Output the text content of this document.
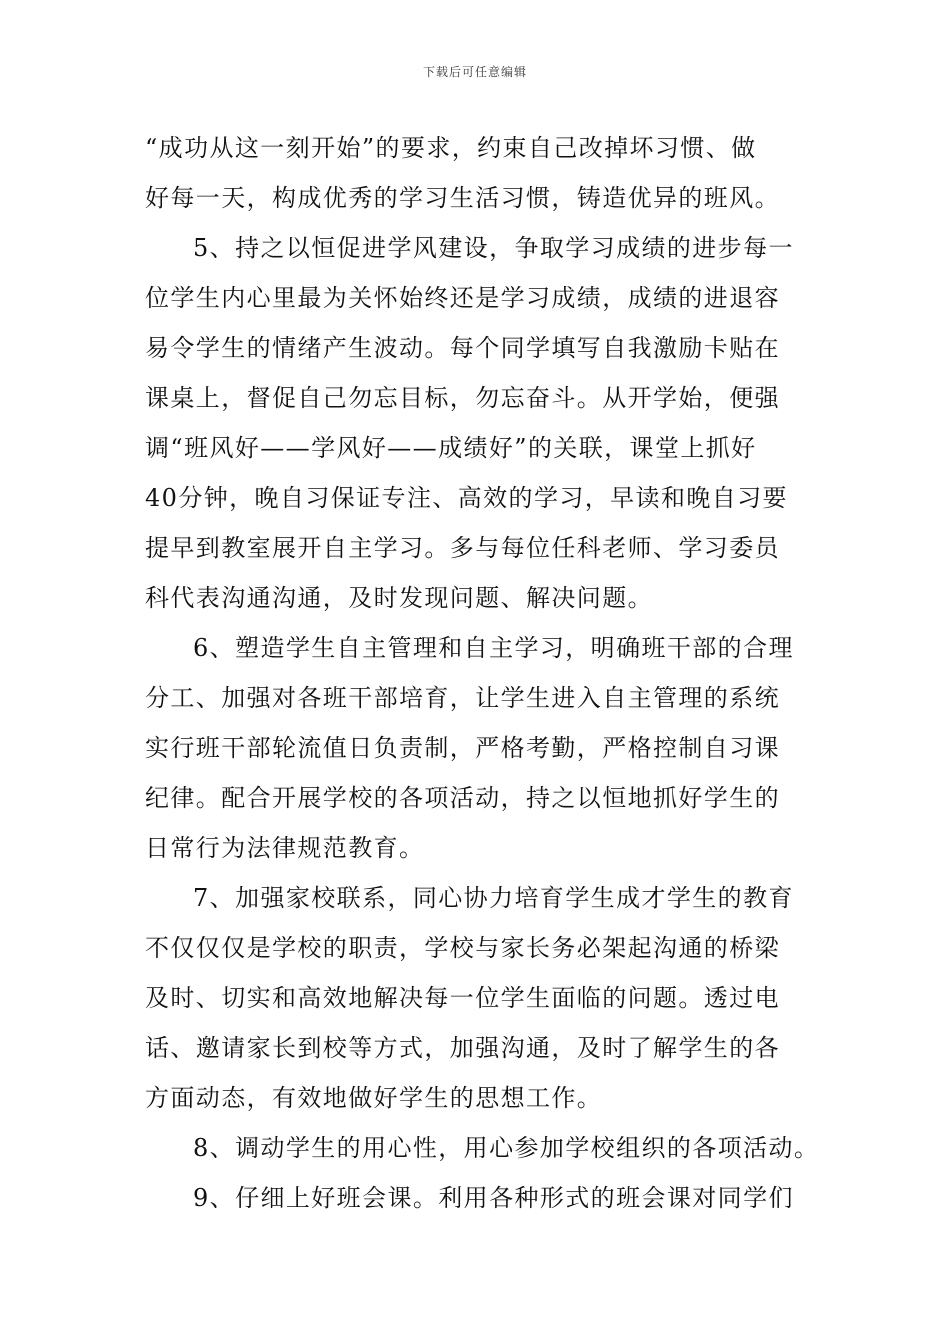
下载后可任意编辑
“成功从这一刻开始”的要求，约束自己改掉坏习惯、做
好每一天，构成优秀的学习生活习惯，铸造优异的班风。
5、持之以恒促进学风建设，争取学习成绩的进步每一
位学生内心里最为关怀始终还是学习成绩，成绩的进退容
易令学生的情绪产生波动。每个同学填写自我激励卡贴在
课桌上，督促自己勿忘目标，勿忘奋斗。从开学始，便强
调“班风好——学风好——成绩好”的关联，课堂上抓好
40分钟，晚自习保证专注、高效的学习，早读和晚自习要
提早到教室展开自主学习。多与每位任科老师、学习委员
科代表沟通沟通，及时发现问题、解决问题。
6、塑造学生自主管理和自主学习，明确班干部的合理
分工、加强对各班干部培育，让学生进入自主管理的系统
实行班干部轮流值日负责制，严格考勤，严格控制自习课
纪律。配合开展学校的各项活动，持之以恒地抓好学生的
日常行为法律规范教育。
7、加强家校联系，同心协力培育学生成才学生的教育
不仅仅仅是学校的职责，学校与家长务必架起沟通的桥梁
及时、切实和高效地解决每一位学生面临的问题。透过电
话、邀请家长到校等方式，加强沟通，及时了解学生的各
方面动态，有效地做好学生的思想工作。
8、调动学生的用心性，用心参加学校组织的各项活动。
9、仔细上好班会课。利用各种形式的班会课对同学们
